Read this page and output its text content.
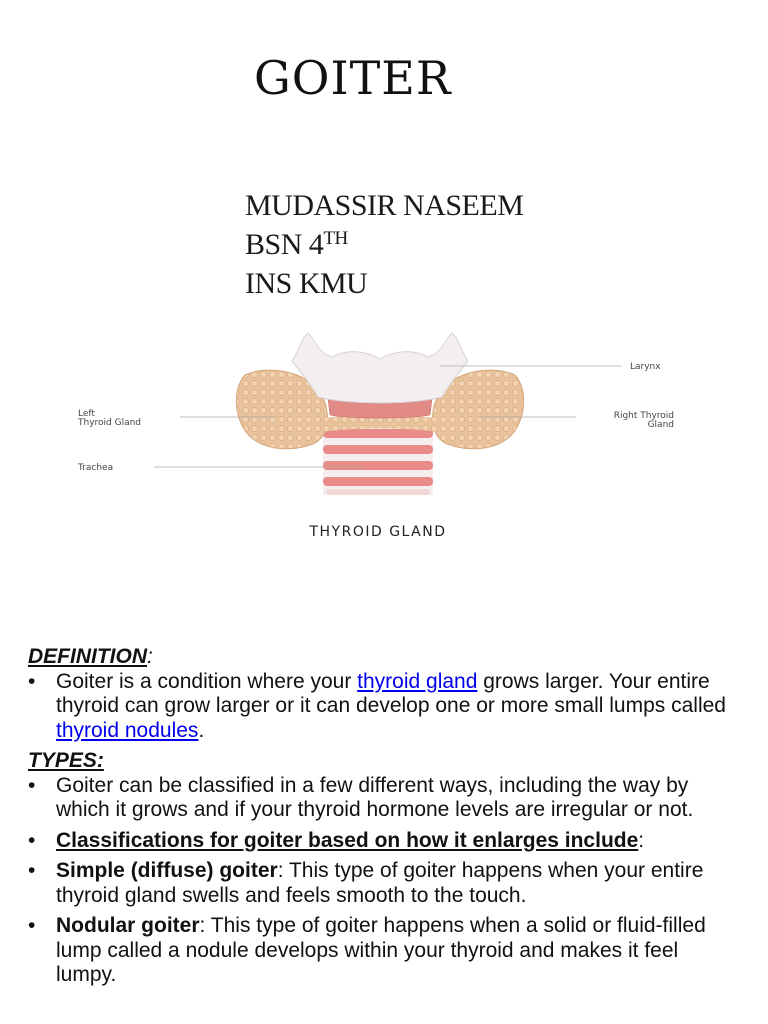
GOITER
MUDASSIR NASEEM
BSN 4TH
INS KMU
Larynx
Left
Thyroid Gland
Right Thyroid
Gland
Trachea
THYROID GLAND

DEFINITION:

• Goiter is a condition where your thyroid gland grows larger. Your entire thyroid can grow larger or it can develop one or more small lumps called thyroid nodules.

TYPES:

• Goiter can be classified in a few different ways, including the way by which it grows and if your thyroid hormone levels are irregular or not.
• Classifications for goiter based on how it enlarges include:
• Simple (diffuse) goiter: This type of goiter happens when your entire thyroid gland swells and feels smooth to the touch.
• Nodular goiter: This type of goiter happens when a solid or fluid-filled lump called a nodule develops within your thyroid and makes it feel lumpy.
